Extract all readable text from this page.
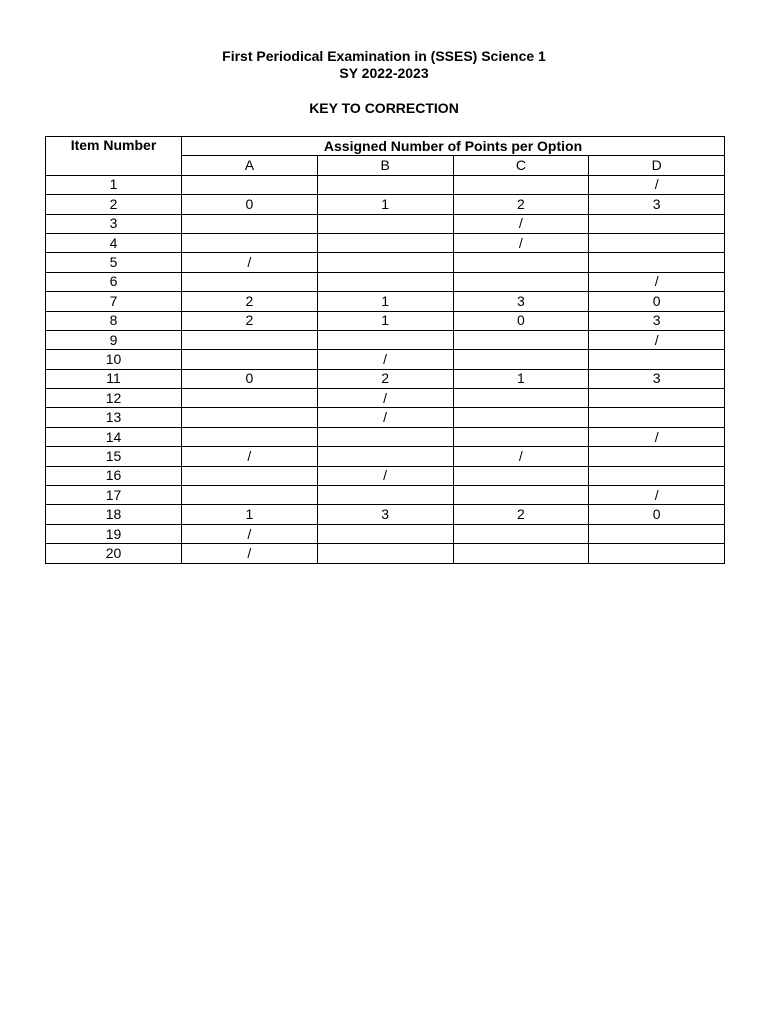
First Periodical Examination in (SSES) Science 1
SY 2022-2023
KEY TO CORRECTION
Item Number	Assigned Number of Points per Option			
	A	B	C	D
1				/
2	0	1	2	3
3			/	
4			/	
5	/			
6				/
7	2	1	3	0
8	2	1	0	3
9				/
10		/		
11	0	2	1	3
12		/		
13		/		
14				/
15	/		/	
16		/		
17				/
18	1	3	2	0
19	/			
20	/			
